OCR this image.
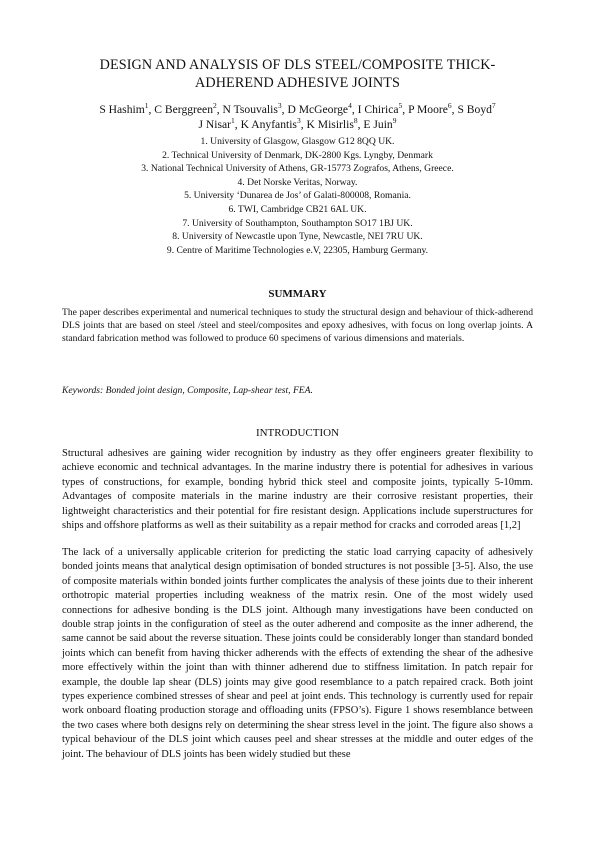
DESIGN AND ANALYSIS OF DLS STEEL/COMPOSITE THICK-
ADHEREND ADHESIVE JOINTS
S Hashim$^1$, C Berggreen$^2$, N Tsouvalis$^3$, D McGeorge$^4$, I Chirica$^5$, P Moore$^6$, S Boyd$^7$
J Nisar$^1$, K Anyfantis$^3$, K Misirlis$^8$, E Juin$^9$
1. University of Glasgow, Glasgow G12 8QQ UK.
2. Technical University of Denmark, DK-2800 Kgs. Lyngby, Denmark
3. National Technical University of Athens, GR-15773 Zografos, Athens, Greece.
4. Det Norske Veritas, Norway.
5. University ‘Dunarea de Jos’ of Galati-800008, Romania.
6. TWI, Cambridge CB21 6AL UK.
7. University of Southampton, Southampton SO17 1BJ UK.
8. University of Newcastle upon Tyne, Newcastle, NEI 7RU UK.
9. Centre of Maritime Technologies e.V, 22305, Hamburg Germany.
SUMMARY

The paper describes experimental and numerical techniques to study the structural design and behaviour of thick-adherend DLS joints that are based on steel /steel and steel/composites and epoxy adhesives, with focus on long overlap joints. A standard fabrication method was followed to produce 60 specimens of various dimensions and materials.

Keywords: Bonded joint design, Composite, Lap-shear test, FEA.

INTRODUCTION

Structural adhesives are gaining wider recognition by industry as they offer engineers greater flexibility to achieve economic and technical advantages. In the marine industry there is potential for adhesives in various types of constructions, for example, bonding hybrid thick steel and composite joints, typically 5-10mm. Advantages of composite materials in the marine industry are their corrosive resistant properties, their lightweight characteristics and their potential for fire resistant design. Applications include superstructures for ships and offshore platforms as well as their suitability as a repair method for cracks and corroded areas [1,2]

The lack of a universally applicable criterion for predicting the static load carrying capacity of adhesively bonded joints means that analytical design optimisation of bonded structures is not possible [3-5]. Also, the use of composite materials within bonded joints further complicates the analysis of these joints due to their inherent orthotropic material properties including weakness of the matrix resin. One of the most widely used connections for adhesive bonding is the DLS joint. Although many investigations have been conducted on double strap joints in the configuration of steel as the outer adherend and composite as the inner adherend, the same cannot be said about the reverse situation. These joints could be considerably longer than standard bonded joints which can benefit from having thicker adherends with the effects of extending the shear of the adhesive more effectively within the joint than with thinner adherend due to stiffness limitation. In patch repair for example, the double lap shear (DLS) joints may give good resemblance to a patch repaired crack. Both joint types experience combined stresses of shear and peel at joint ends. This technology is currently used for repair work onboard floating production storage and offloading units (FPSO’s). Figure 1 shows resemblance between the two cases where both designs rely on determining the shear stress level in the joint. The figure also shows a typical behaviour of the DLS joint which causes peel and shear stresses at the middle and outer edges of the joint. The behaviour of DLS joints has been widely studied but these
